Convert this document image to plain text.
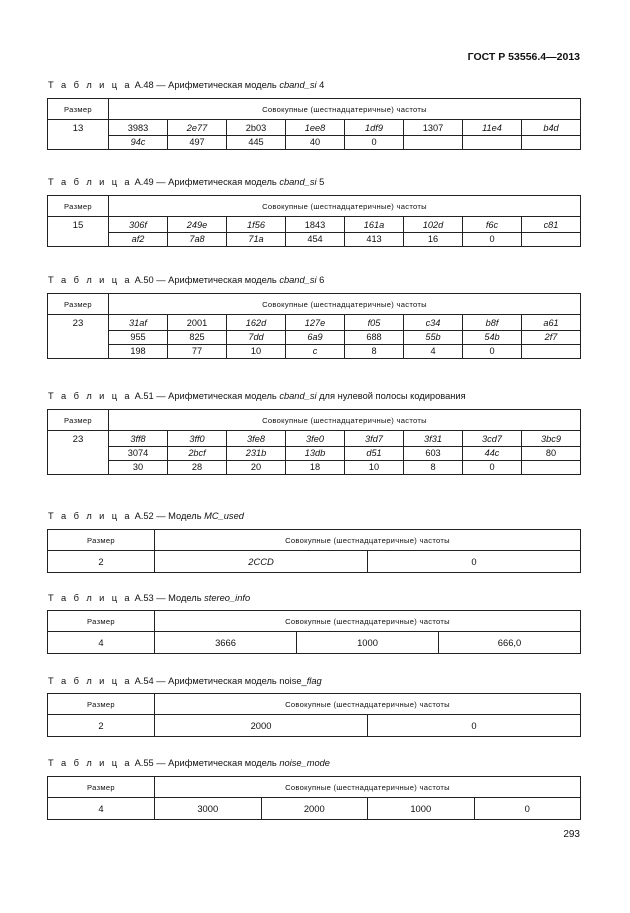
ГОСТ Р 53556.4—2013
Т а б л и ц а А.48 — Арифметическая модель cband_si 4
Размер	Совокупные (шестнадцатеричные) частоты							
13	3983	2e77	2b03	1ee8	1df9	1307	11e4	b4d
	94c	497	445	40	0			
Т а б л и ц а А.49 — Арифметическая модель cband_si 5
Размер	Совокупные (шестнадцатеричные) частоты							
15	306f	249e	1f56	1843	161a	102d	f6c	c81
	af2	7a8	71a	454	413	16	0	
Т а б л и ц а А.50 — Арифметическая модель cband_si 6
Размер	Совокупные (шестнадцатеричные) частоты							
23	31af	2001	162d	127e	f05	c34	b8f	a61
	955	825	7dd	6a9	688	55b	54b	2f7
	198	77	10	c	8	4	0	
Т а б л и ц а А.51 — Арифметическая модель cband_si для нулевой полосы кодирования
Размер	Совокупные (шестнадцатеричные) частоты							
23	3ff8	3ff0	3fe8	3fe0	3fd7	3f31	3cd7	3bc9
	3074	2bcf	231b	13db	d51	603	44c	80
	30	28	20	18	10	8	0	
Т а б л и ц а А.52 — Модель MC_used
Размер	Совокупные (шестнадцатеричные) частоты	
2	2CCD	0
Т а б л и ц а А.53 — Модель stereo_info
Размер	Совокупные (шестнадцатеричные) частоты		
4	3666	1000	666,0
Т а б л и ц а А.54 — Арифметическая модель noise_flag
Размер	Совокупные (шестнадцатеричные) частоты	
2	2000	0
Т а б л и ц а А.55 — Арифметическая модель noise_mode
Размер	Совокупные (шестнадцатеричные) частоты			
4	3000	2000	1000	0
293
